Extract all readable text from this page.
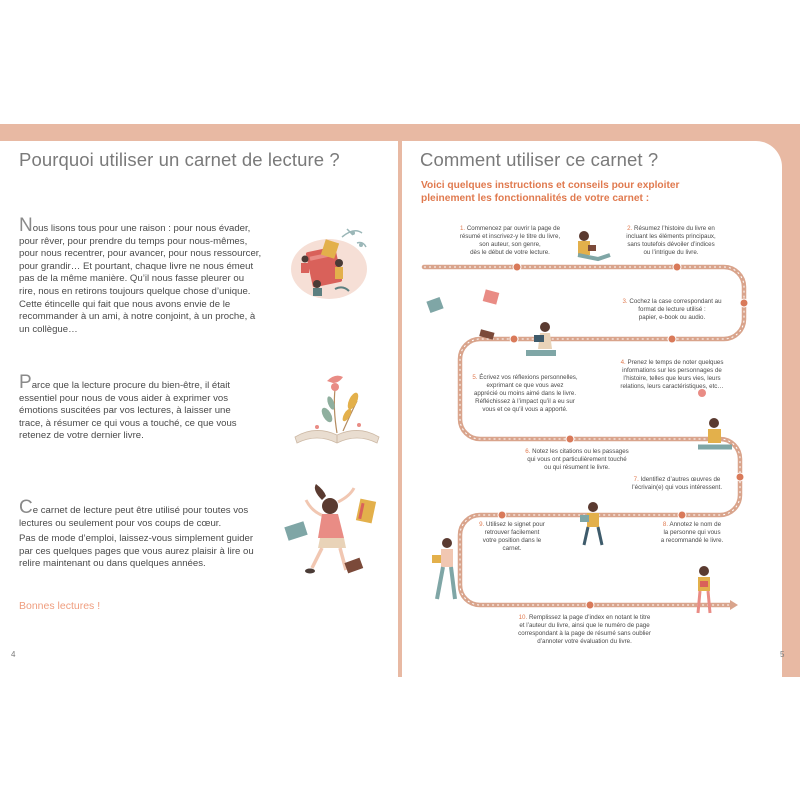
Pourquoi utiliser un carnet de lecture ?
Nous lisons tous pour une raison : pour nous évader,
pour rêver, pour prendre du temps pour nous-mêmes,
pour nous recentrer, pour avancer, pour nous ressourcer,
pour grandir… Et pourtant, chaque livre ne nous émeut
pas de la même manière. Qu’il nous fasse pleurer ou
rire, nous en retirons toujours quelque chose d’unique.
Cette étincelle qui fait que nous avons envie de le
recommander à un ami, à notre conjoint, à un proche, à
un collègue…
Parce que la lecture procure du bien-être, il était
essentiel pour nous de vous aider à exprimer vos
émotions suscitées par vos lectures, à laisser une
trace, à résumer ce qui vous a touché, ce que vous
retenez de votre dernier livre.
Ce carnet de lecture peut être utilisé pour toutes vos
lectures ou seulement pour vos coups de cœur.
Pas de mode d’emploi, laissez-vous simplement guider
par ces quelques pages que vous aurez plaisir à lire ou
relire maintenant ou dans quelques années.
Bonnes lectures !
4
Comment utiliser ce carnet ?
Voici quelques instructions et conseils pour exploiter
pleinement les fonctionnalités de votre carnet :
1. Commencez par ouvrir la page de
résumé et inscrivez-y le titre du livre,
son auteur, son genre,
dès le début de votre lecture.
2. Résumez l’histoire du livre en
incluant les éléments principaux,
sans toutefois dévoiler d’indices
ou l’intrigue du livre.
3. Cochez la case correspondant au
format de lecture utilisé :
papier, e-book ou audio.
4. Prenez le temps de noter quelques
informations sur les personnages de
l’histoire, telles que leurs vies, leurs
relations, leurs caractéristiques, etc…
5. Écrivez vos réflexions personnelles,
exprimant ce que vous avez
apprécié ou moins aimé dans le livre.
Réfléchissez à l’impact qu’il a eu sur
vous et ce qu’il vous a apporté.
6. Notez les citations ou les passages
qui vous ont particulièrement touché
ou qui résument le livre.
7. Identifiez d’autres œuvres de
l’écrivain(e) qui vous intéressent.
8. Annotez le nom de
la personne qui vous
a recommandé le livre.
9. Utilisez le signet pour
retrouver facilement
votre position dans le
carnet.
10. Remplissez la page d’index en notant le titre
et l’auteur du livre, ainsi que le numéro de page
correspondant à la page de résumé sans oublier
d’annoter votre évaluation du livre.
5
